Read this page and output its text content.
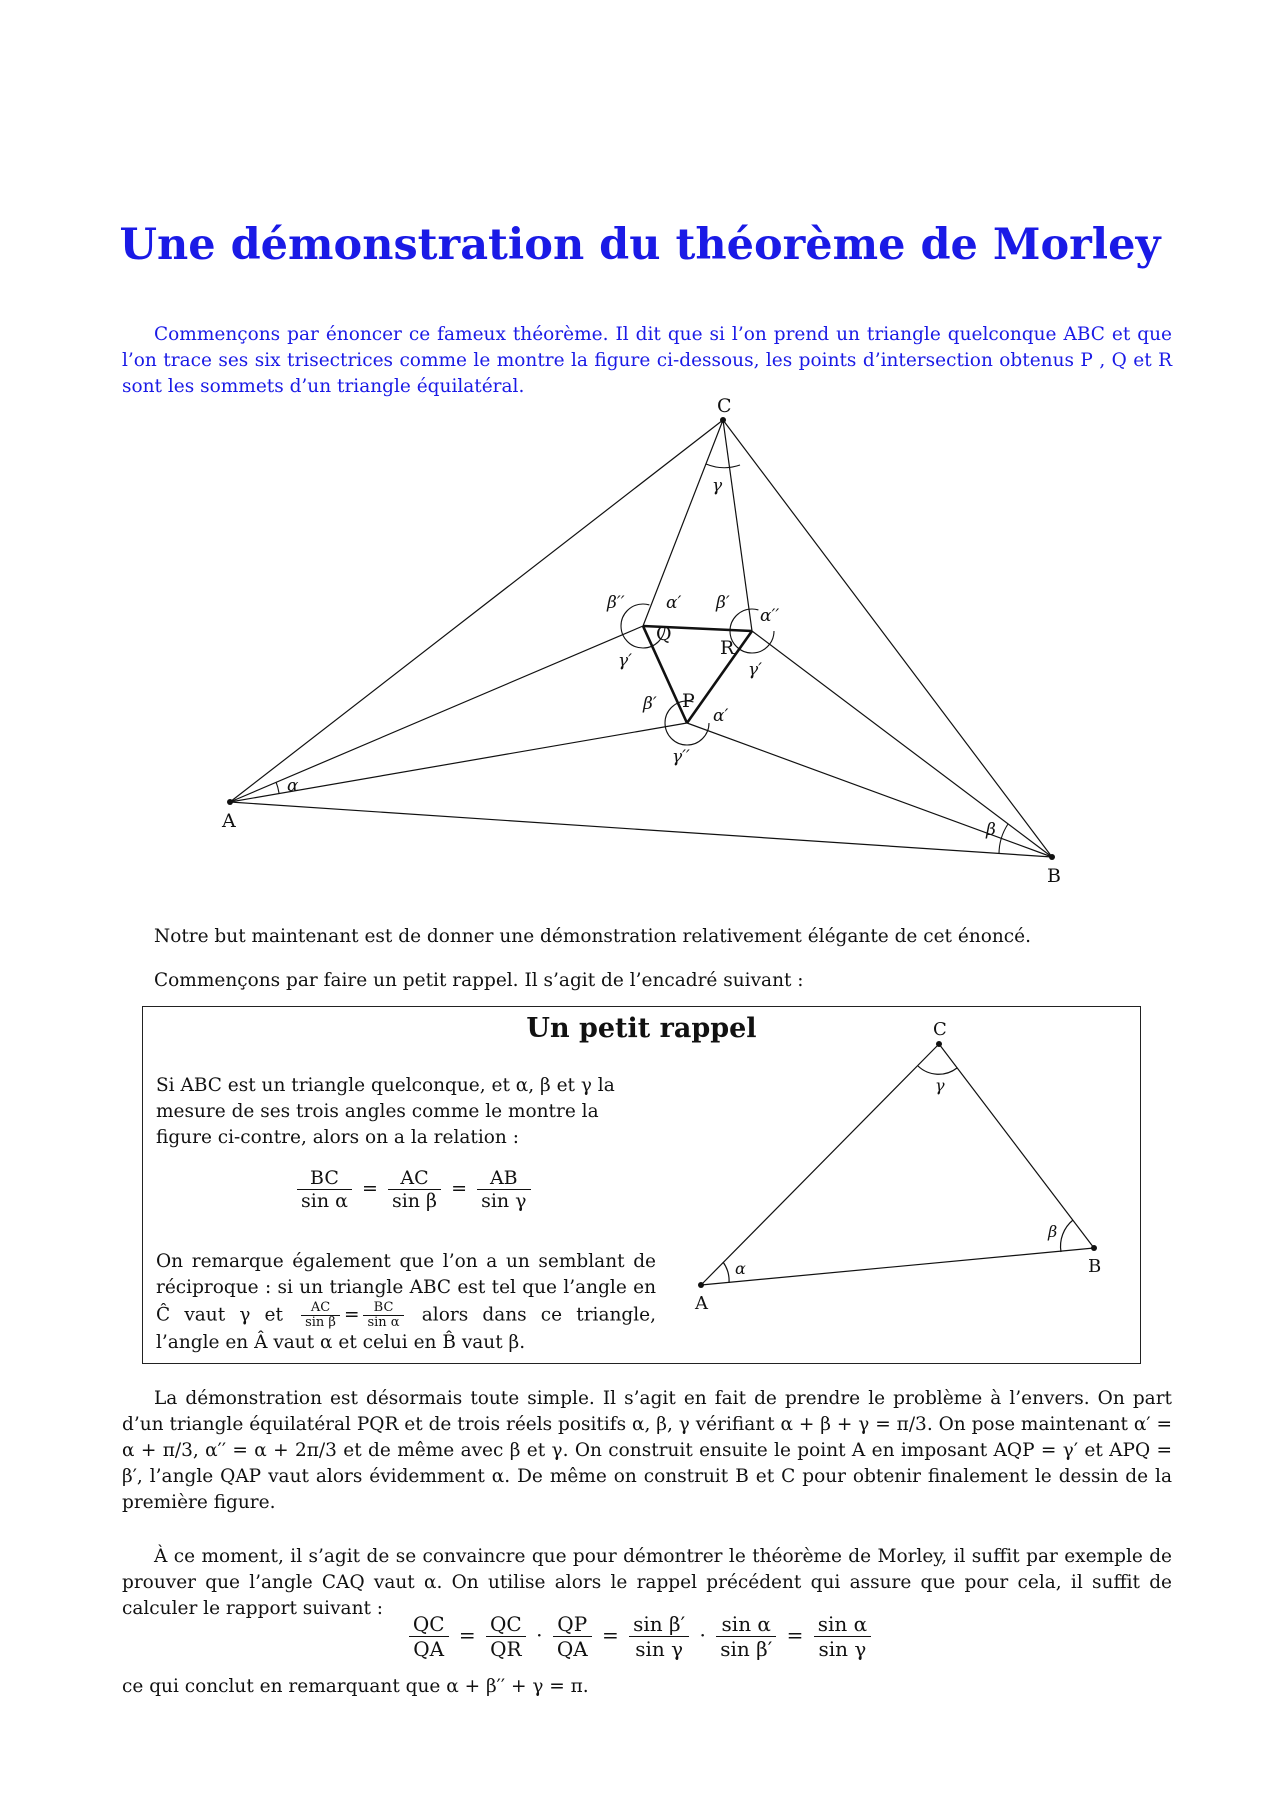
Une démonstration du théorème de Morley

Commençons par énoncer ce fameux théorème. Il dit que si l’on prend un triangle quelconque ABC et que l’on trace ses six trisectrices comme le montre la figure ci-dessous, les points d’intersection obtenus P , Q et R sont les sommets d’un triangle équilatéral.

A
B
C
Q
R
P
α
β
γ
β′′ α′
γ′
β′
α′′
γ′
β′
α′
γ′′
Notre but maintenant est de donner une démonstration relativement élégante de cet énoncé.
Commençons par faire un petit rappel. Il s’agit de l’encadré suivant :
Un petit rappel
Si ABC est un triangle quelconque, et α, β et γ la mesure de ses trois angles comme le montre la figure ci-contre, alors on a la relation :
$\frac{BC}{\text{sin α}} = \frac{AC}{\text{sin β}} = \frac{AB}{\text{sin γ}}$
On remarque également que l’on a un semblant de réciproque : si un triangle ABC est tel que l’angle en Ĉ vaut γ et $\frac{AC}{\text{sin β}} = \frac{BC}{\text{sin α}}$ alors dans ce triangle, l’angle en Â vaut α et celui en B̂ vaut β.
A
B
C
α
β
γ
La démonstration est désormais toute simple. Il s’agit en fait de prendre le problème à l’envers. On part d’un triangle équilatéral PQR et de trois réels positifs α, β, γ vérifiant α + β + γ = π/3. On pose maintenant α′ = α + π/3, α′′ = α + 2π/3 et de même avec β et γ. On construit ensuite le point A en imposant AQP = γ′ et APQ = β′, l’angle QAP vaut alors évidemment α. De même on construit B et C pour obtenir finalement le dessin de la première figure.
À ce moment, il s’agit de se convaincre que pour démontrer le théorème de Morley, il suffit par exemple de prouver que l’angle CAQ vaut α. On utilise alors le rappel précédent qui assure que pour cela, il suffit de calculer le rapport suivant :
$\frac{QC}{QA} = \frac{QC}{QR} \cdot \frac{QP}{QA} = \frac{\text{sin β′}}{\text{sin γ}} \cdot \frac{\text{sin α}}{\text{sin β′}} = \frac{\text{sin α}}{\text{sin γ}}$
ce qui conclut en remarquant que α + β′′ + γ = π.
